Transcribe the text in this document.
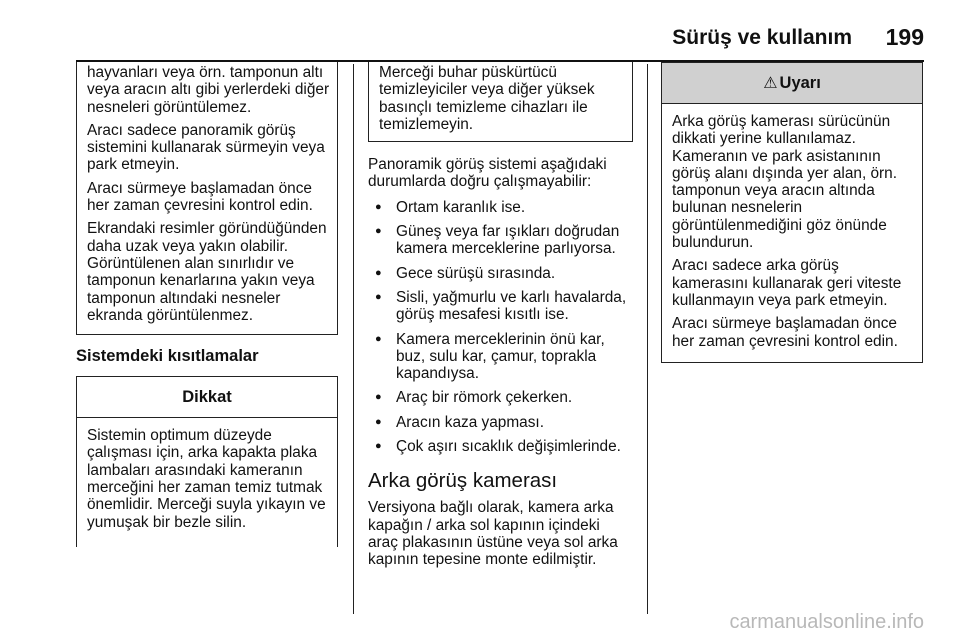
Sürüş ve kullanım 199

hayvanları veya örn. tamponun altı veya aracın altı gibi yerlerdeki diğer nesneleri görüntülemez.

Aracı sadece panoramik görüş sistemini kullanarak sürmeyin veya park etmeyin.

Aracı sürmeye başlamadan önce her zaman çevresini kontrol edin.

Ekrandaki resimler göründüğünden daha uzak veya yakın olabilir. Görüntülenen alan sınırlıdır ve tamponun kenarlarına yakın veya tamponun altındaki nesneler ekranda görüntülenmez.

Sistemdeki kısıtlamalar

Dikkat

Sistemin optimum düzeyde çalışması için, arka kapakta plaka lambaları arasındaki kameranın merceğini her zaman temiz tutmak önemlidir. Merceği suyla yıkayın ve yumuşak bir bezle silin.

Merceği buhar püskürtücü temizleyiciler veya diğer yüksek basınçlı temizleme cihazları ile temizlemeyin.

Panoramik görüş sistemi aşağıdaki durumlarda doğru çalışmayabilir:

● Ortam karanlık ise.
● Güneş veya far ışıkları doğrudan kamera merceklerine parlıyorsa.
● Gece sürüşü sırasında.
● Sisli, yağmurlu ve karlı havalarda, görüş mesafesi kısıtlı ise.
● Kamera merceklerinin önü kar, buz, sulu kar, çamur, toprakla kapandıysa.
● Araç bir römork çekerken.
● Aracın kaza yapması.
● Çok aşırı sıcaklık değişimlerinde.
Arka görüş kamerası

Versiyona bağlı olarak, kamera arka kapağın / arka sol kapının içindeki araç plakasının üstüne veya sol arka kapının tepesine monte edilmiştir.

⚠ Uyarı

Arka görüş kamerası sürücünün dikkati yerine kullanılamaz. Kameranın ve park asistanının görüş alanı dışında yer alan, örn. tamponun veya aracın altında bulunan nesnelerin görüntülenmediğini göz önünde bulundurun.

Aracı sadece arka görüş kamerasını kullanarak geri viteste kullanmayın veya park etmeyin.

Aracı sürmeye başlamadan önce her zaman çevresini kontrol edin.

carmanualsonline.info
